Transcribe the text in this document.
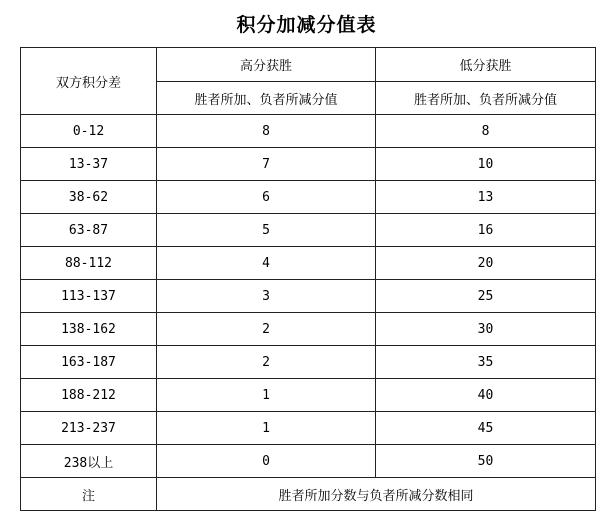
积分加减分值表
双方积分差	高分获胜	低分获胜
	胜者所加、负者所减分值	胜者所加、负者所减分值
0-12	8	8
13-37	7	10
38-62	6	13
63-87	5	16
88-112	4	20
113-137	3	25
138-162	2	30
163-187	2	35
188-212	1	40
213-237	1	45
238以上	0	50
注	胜者所加分数与负者所减分数相同	
